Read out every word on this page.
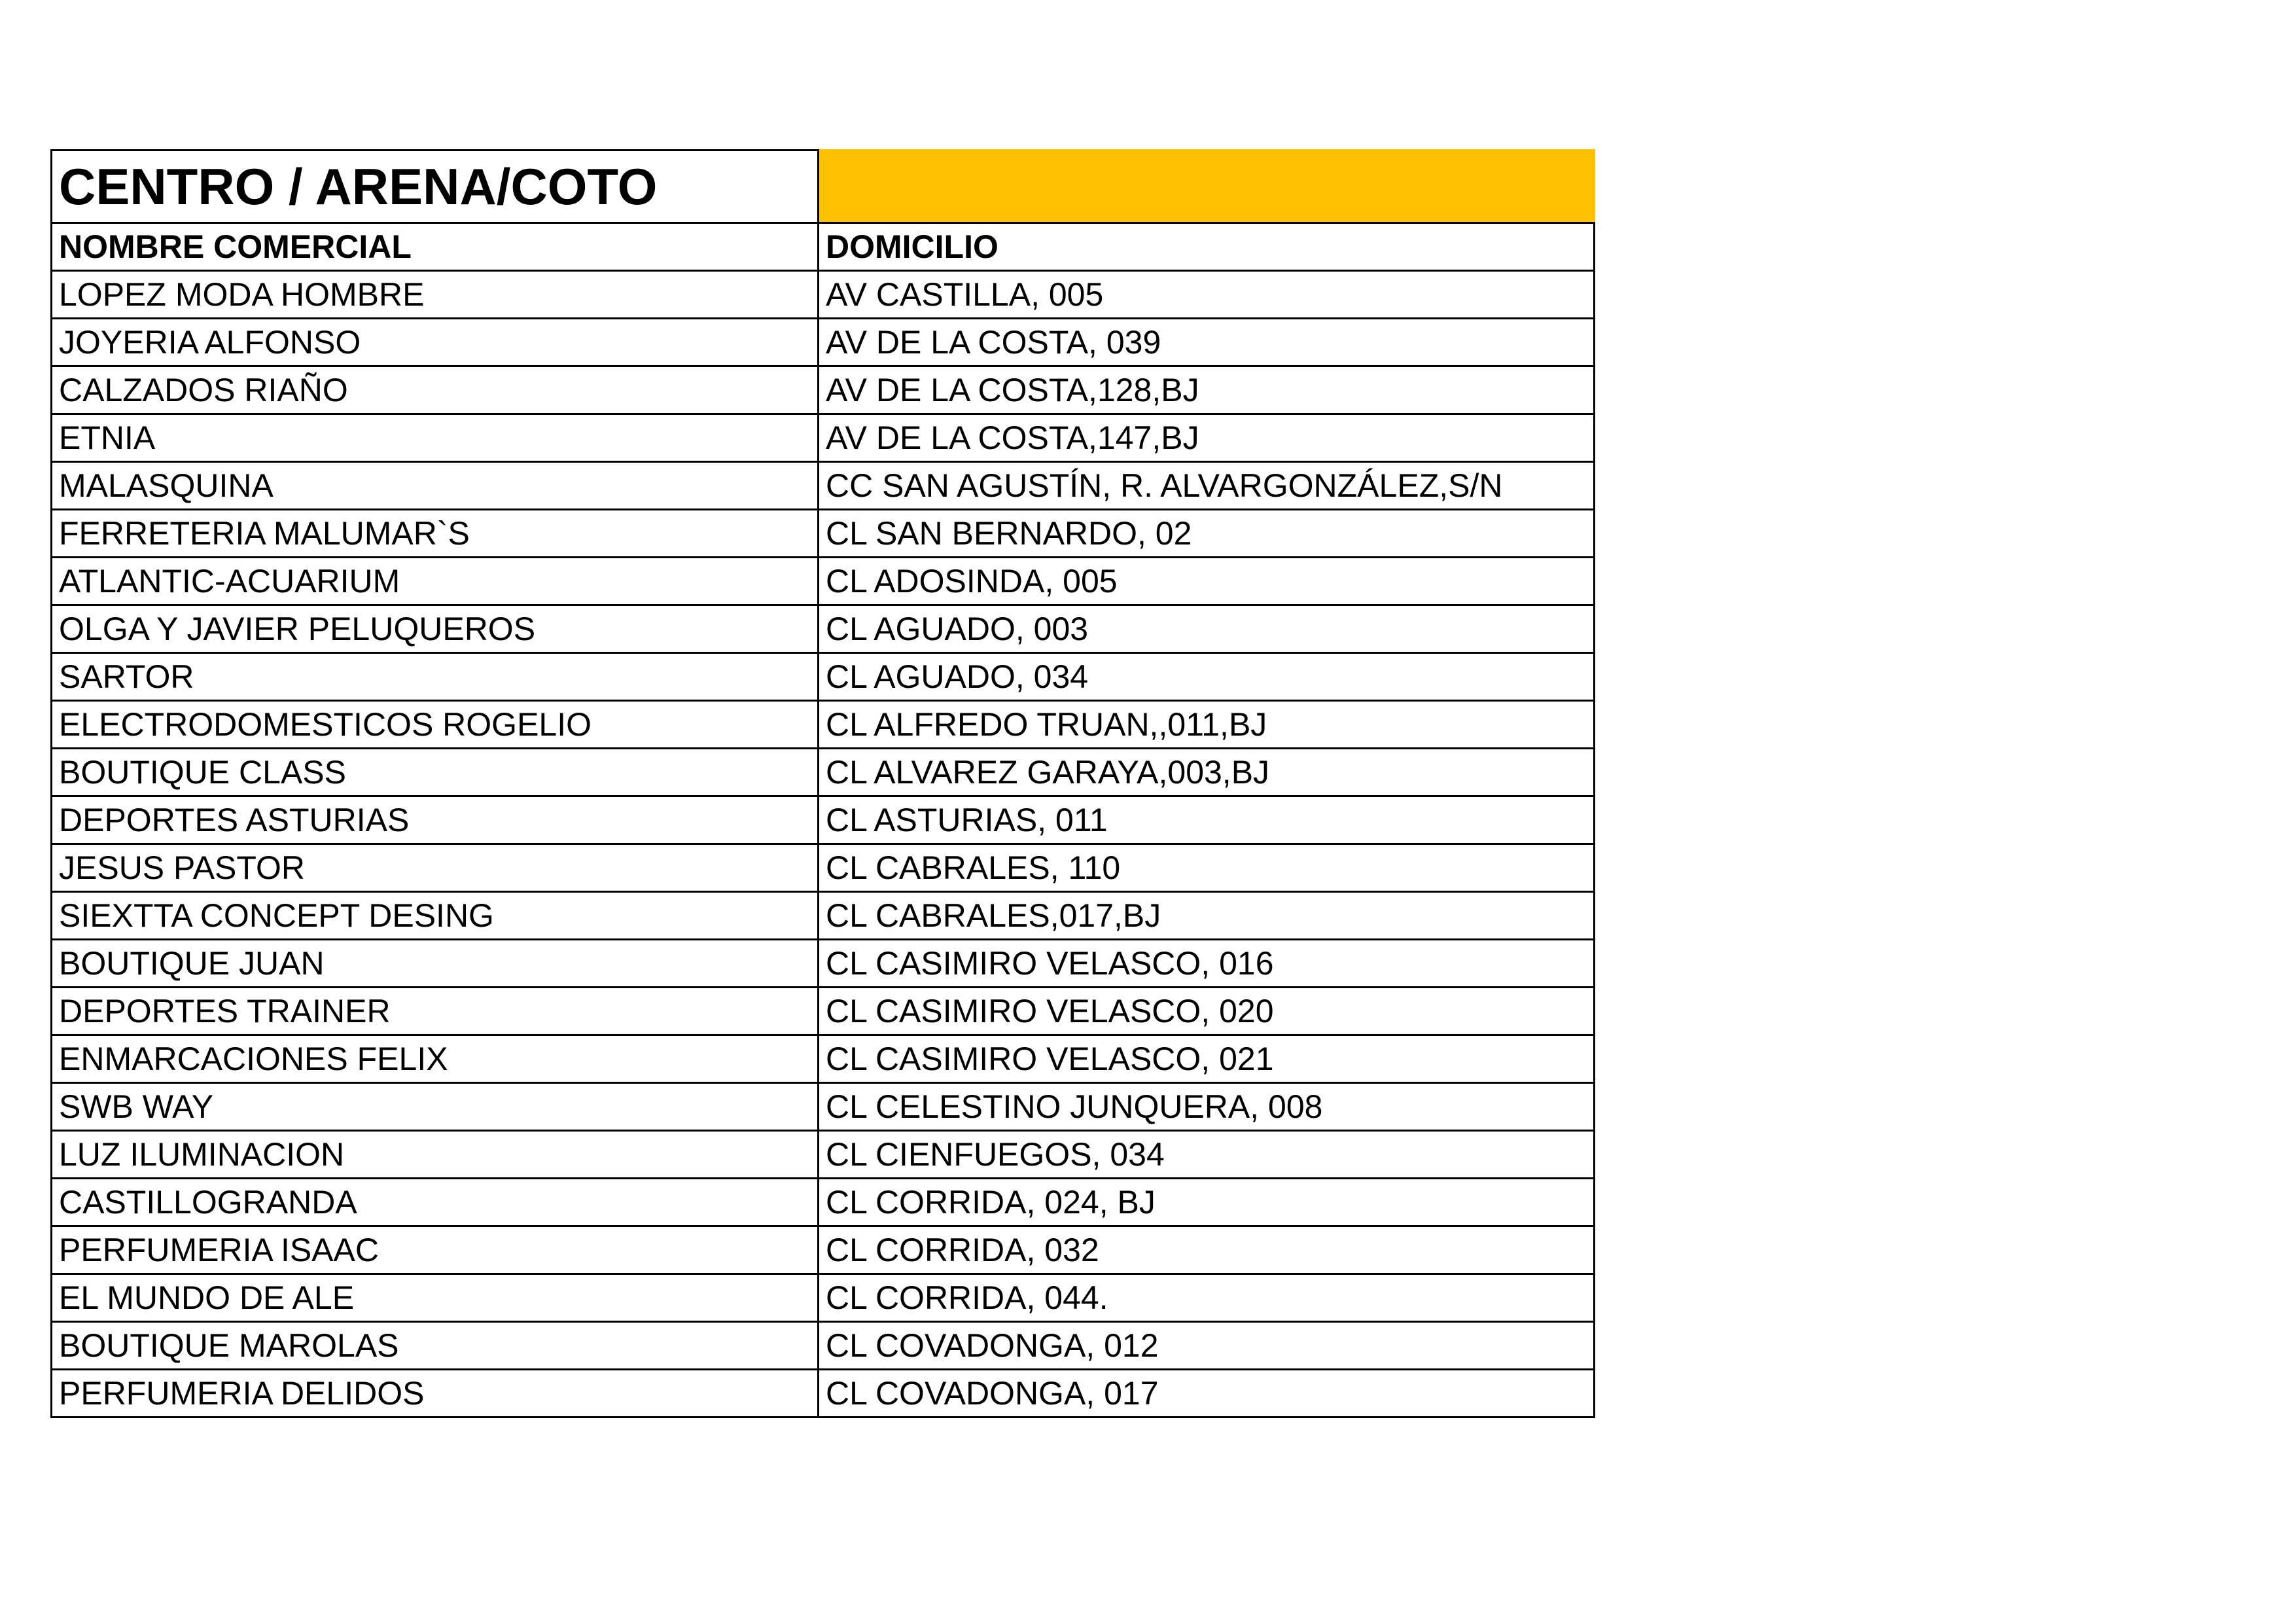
CENTRO / ARENA/COTO	
NOMBRE COMERCIAL	DOMICILIO
LOPEZ MODA HOMBRE	AV CASTILLA, 005
JOYERIA ALFONSO	AV DE LA COSTA, 039
CALZADOS RIAÑO	AV DE LA COSTA,128,BJ
ETNIA	AV DE LA COSTA,147,BJ
MALASQUINA	CC SAN AGUSTÍN, R. ALVARGONZÁLEZ,S/N
FERRETERIA MALUMAR`S	CL SAN BERNARDO, 02
ATLANTIC-ACUARIUM	CL ADOSINDA, 005
OLGA Y JAVIER PELUQUEROS	CL AGUADO, 003
SARTOR	CL AGUADO, 034
ELECTRODOMESTICOS ROGELIO	CL ALFREDO TRUAN,,011,BJ
BOUTIQUE CLASS	CL ALVAREZ GARAYA,003,BJ
DEPORTES ASTURIAS	CL ASTURIAS, 011
JESUS PASTOR	CL CABRALES, 110
SIEXTTA CONCEPT DESING	CL CABRALES,017,BJ
BOUTIQUE JUAN	CL CASIMIRO VELASCO, 016
DEPORTES TRAINER	CL CASIMIRO VELASCO, 020
ENMARCACIONES FELIX	CL CASIMIRO VELASCO, 021
SWB WAY	CL CELESTINO JUNQUERA, 008
LUZ ILUMINACION	CL CIENFUEGOS, 034
CASTILLOGRANDA	CL CORRIDA, 024, BJ
PERFUMERIA ISAAC	CL CORRIDA, 032
EL MUNDO DE ALE	CL CORRIDA, 044.
BOUTIQUE MAROLAS	CL COVADONGA, 012
PERFUMERIA DELIDOS	CL COVADONGA, 017
